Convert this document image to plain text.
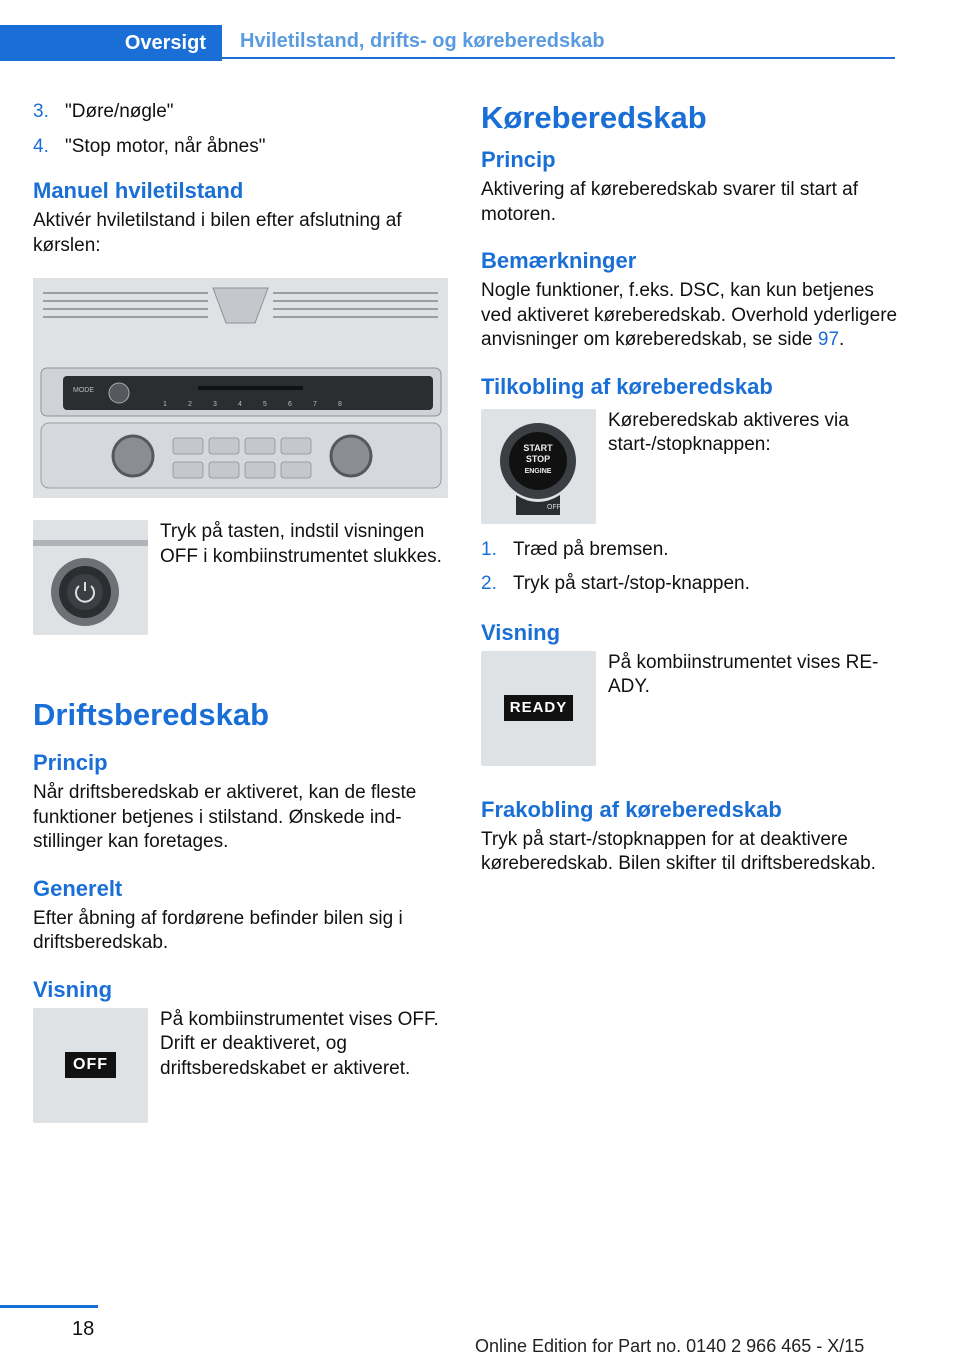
Oversigt	Hviletilstand, drifts- og køreberedskab
3. "Døre/nøgle"
4. "Stop motor, når åbnes"
Manuel hviletilstand

Aktivér hviletilstand i bilen efter afslutning af kørslen:

MODE
1	2	3	4	5	6	7	8

Tryk på tasten, indstil visningen OFF i kombiinstrumentet slukkes.

Driftsberedskab
Princip

Når driftsberedskab er aktiveret, kan de fleste funktioner betjenes i stilstand. Ønskede indstillinger kan foretages.

Generelt

Efter åbning af fordørene befinder bilen sig i driftsberedskab.

Visning
OFF

På kombiinstrumentet vises OFF. Drift er deaktiveret, og driftsberedskabet er aktiveret.

Køreberedskab
Princip

Aktivering af køreberedskab svarer til start af motoren.

Bemærkninger

Nogle funktioner, f.eks. DSC, kan kun betjenes ved aktiveret køreberedskab. Overhold yderligere anvisninger om køreberedskab, se side 97.

Tilkobling af køreberedskab
START
STOP
ENGINE
OFF

Køreberedskab aktiveres via start-/stopknappen:

1. Træd på bremsen.
2. Tryk på start-/stop-knappen.
Visning
READY

På kombiinstrumentet vises READY.

Frakobling af køreberedskab

Tryk på start-/stopknappen for at deaktivere køreberedskab. Bilen skifter til driftsberedskab.

18
Online Edition for Part no. 0140 2 966 465 - X/15
